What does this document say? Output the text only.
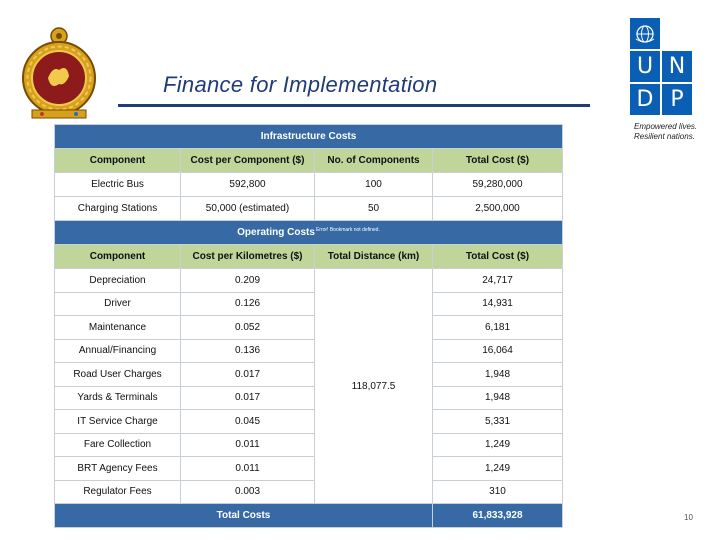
Finance for Implementation
U N
D P
Empowered lives.
Resilient nations.
Infrastructure Costs			
Component	Cost per Component ($)	No. of Components	Total Cost ($)
Electric Bus	592,800	100	59,280,000
Charging Stations	50,000 (estimated)	50	2,500,000
Operating Costs$^{Error! Bookmark not defined.}$
Component	Cost per Kilometres ($)	Total Distance (km)	Total Cost ($)
Depreciation	0.209	118,077.5	24,717
Driver	0.126		14,931
Maintenance	0.052		6,181
Annual/Financing	0.136		16,064
Road User Charges	0.017		1,948
Yards & Terminals	0.017		1,948
IT Service Charge	0.045		5,331
Fare Collection	0.011		1,249
BRT Agency Fees	0.011		1,249
Regulator Fees	0.003		310
Total Costs			61,833,928	10
